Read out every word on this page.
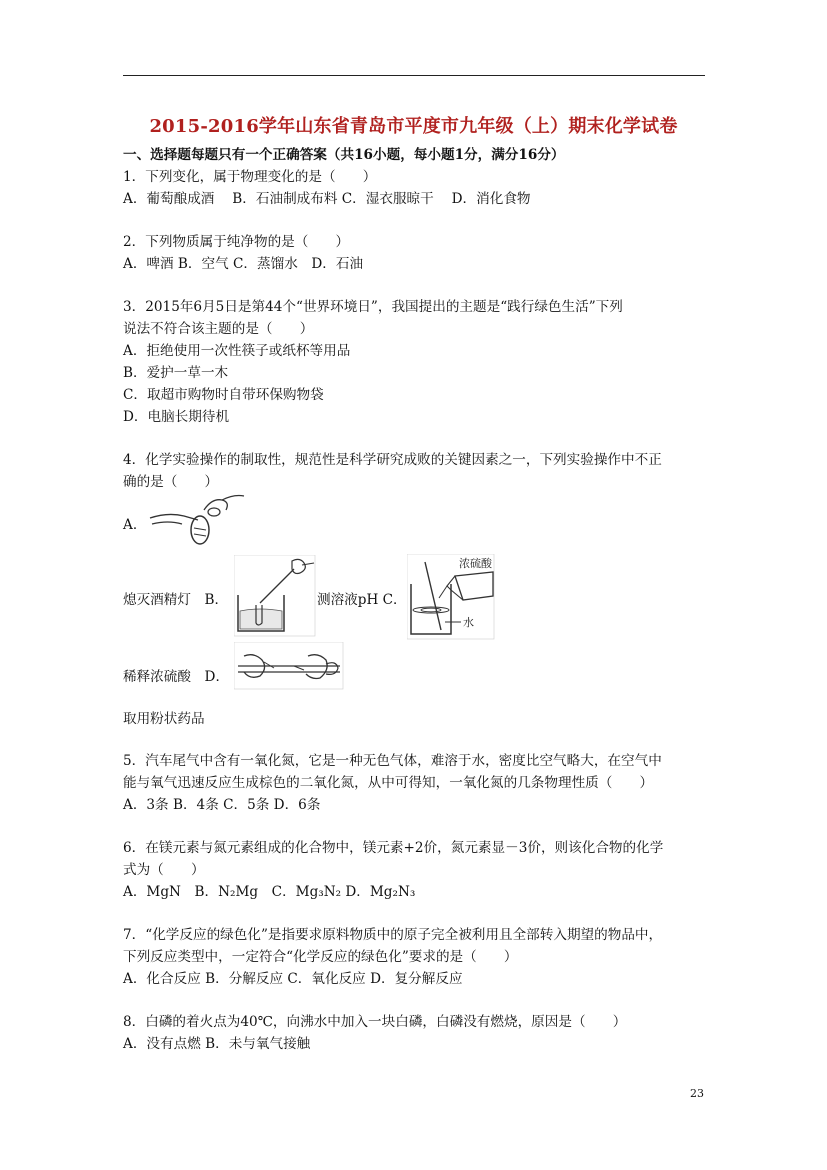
2015-2016学年山东省青岛市平度市九年级（上）期末化学试卷
一、选择题每题只有一个正确答案（共16小题，每小题1分，满分16分）
1．下列变化，属于物理变化的是（　　）
A．葡萄酿成酒　 B．石油制成布料 C．湿衣服晾干　 D．消化食物
2．下列物质属于纯净物的是（　　）
A．啤酒 B．空气 C．蒸馏水　D．石油
3．2015年6月5日是第44个“世界环境日”，我国提出的主题是“践行绿色生活”下列
说法不符合该主题的是（　　）
A．拒绝使用一次性筷子或纸杯等用品
B．爱护一草一木
C．取超市购物时自带环保购物袋
D．电脑长期待机
4．化学实验操作的制取性，规范性是科学研究成败的关键因素之一，下列实验操作中不正
确的是（　　）
A．
熄灭酒精灯　B．	测溶液pH C．
浓硫酸
水
稀释浓硫酸　D．
取用粉状药品
5．汽车尾气中含有一氧化氮，它是一种无色气体，难溶于水，密度比空气略大，在空气中
能与氧气迅速反应生成棕色的二氧化氮，从中可得知，一氧化氮的几条物理性质（　　）
A．3条 B．4条 C．5条 D．6条
6．在镁元素与氮元素组成的化合物中，镁元素+2价，氮元素显－3价，则该化合物的化学
式为（　　）
A．MgN　B．N₂Mg　C．Mg₃N₂ D．Mg₂N₃
7．“化学反应的绿色化”是指要求原料物质中的原子完全被利用且全部转入期望的物品中，
下列反应类型中，一定符合“化学反应的绿色化”要求的是（　　）
A．化合反应 B．分解反应 C．氧化反应 D．复分解反应
8．白磷的着火点为40℃，向沸水中加入一块白磷，白磷没有燃烧，原因是（　　）
A．没有点燃 B．未与氧气接触
23
